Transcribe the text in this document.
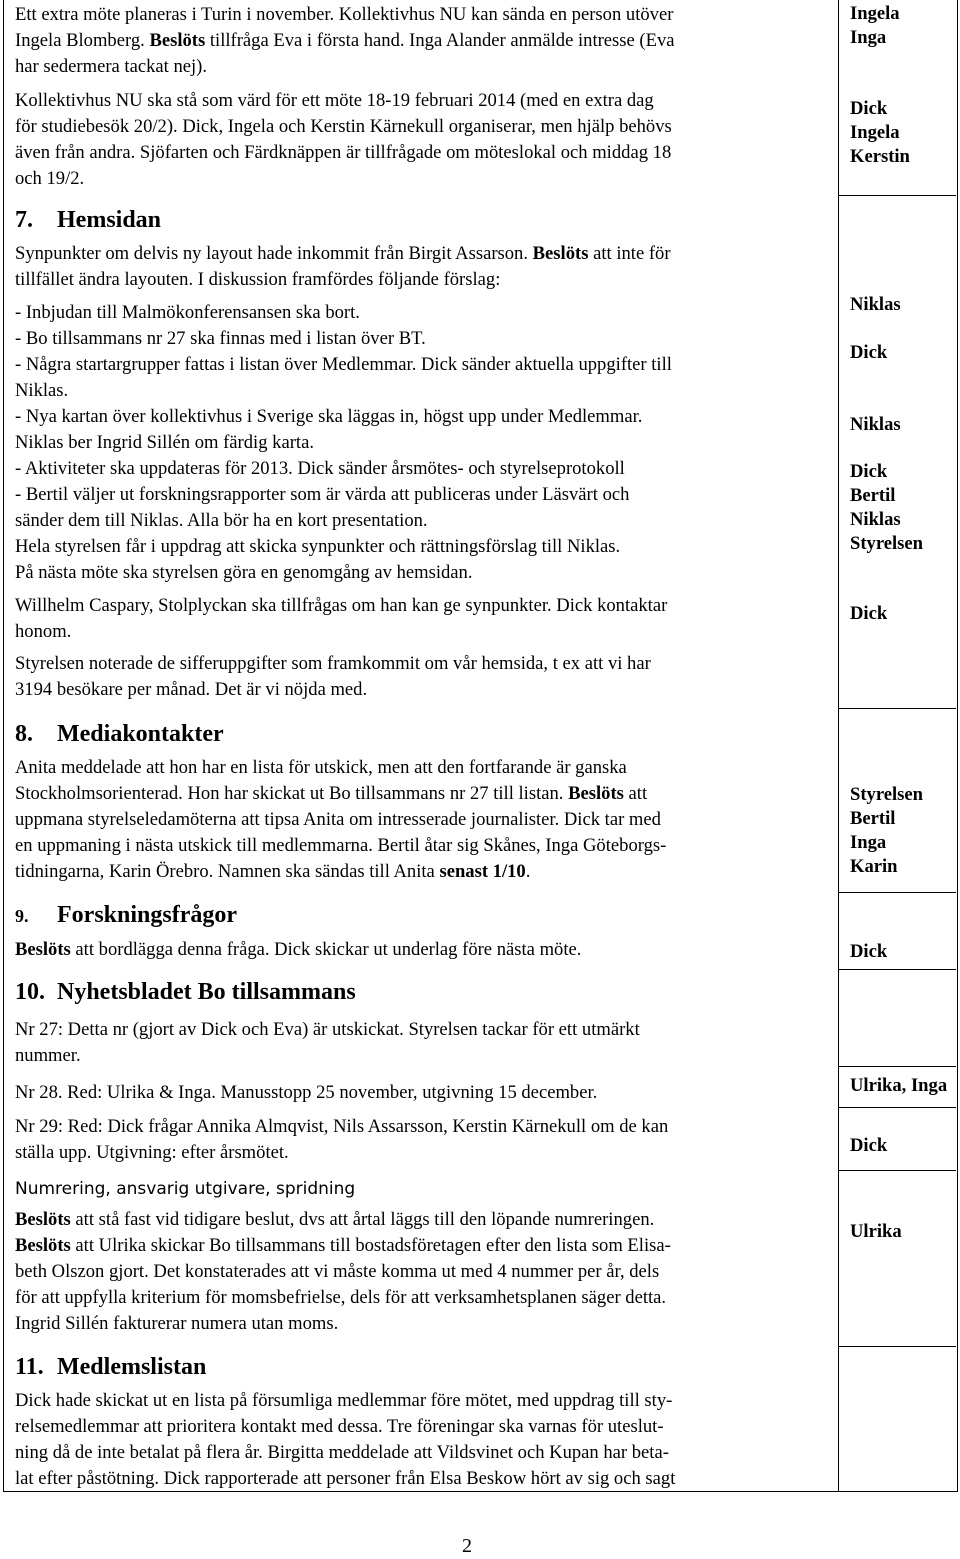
Ett extra möte planeras i Turin i november. Kollektivhus NU kan sända en person utöver
Ingela Blomberg. Beslöts tillfråga Eva i första hand. Inga Alander anmälde intresse (Eva
har sedermera tackat nej).
Kollektivhus NU ska stå som värd för ett möte 18-19 februari 2014 (med en extra dag
för studiebesök 20/2). Dick, Ingela och Kerstin Kärnekull organiserar, men hjälp behövs
även från andra. Sjöfarten och Färdknäppen är tillfrågade om möteslokal och middag 18
och 19/2.
Synpunkter om delvis ny layout hade inkommit från Birgit Assarson. Beslöts att inte för
tillfället ändra layouten. I diskussion framfördes följande förslag:
- Inbjudan till Malmökonferensansen ska bort.
- Bo tillsammans nr 27 ska finnas med i listan över BT.
- Några startargrupper fattas i listan över Medlemmar. Dick sänder aktuella uppgifter till
Niklas.
- Nya kartan över kollektivhus i Sverige ska läggas in, högst upp under Medlemmar.
Niklas ber Ingrid Sillén om färdig karta.
- Aktiviteter ska uppdateras för 2013. Dick sänder årsmötes- och styrelseprotokoll
- Bertil väljer ut forskningsrapporter som är värda att publiceras under Läsvärt och
sänder dem till Niklas. Alla bör ha en kort presentation.
Hela styrelsen får i uppdrag att skicka synpunkter och rättningsförslag till Niklas.
På nästa möte ska styrelsen göra en genomgång av hemsidan.
Willhelm Caspary, Stolplyckan ska tillfrågas om han kan ge synpunkter. Dick kontaktar
honom.
Styrelsen noterade de sifferuppgifter som framkommit om vår hemsida, t ex att vi har
3194 besökare per månad. Det är vi nöjda med.
Anita meddelade att hon har en lista för utskick, men att den fortfarande är ganska
Stockholmsorienterad. Hon har skickat ut Bo tillsammans nr 27 till listan. Beslöts att
uppmana styrelseledamöterna att tipsa Anita om intresserade journalister. Dick tar med
en uppmaning i nästa utskick till medlemmarna. Bertil åtar sig Skånes, Inga Göteborgs-
tidningarna, Karin Örebro. Namnen ska sändas till Anita senast 1/10.
Beslöts att bordlägga denna fråga. Dick skickar ut underlag före nästa möte.
Nr 27: Detta nr (gjort av Dick och Eva) är utskickat. Styrelsen tackar för ett utmärkt
nummer.
Nr 28. Red: Ulrika & Inga. Manusstopp 25 november, utgivning 15 december.
Nr 29: Red: Dick frågar Annika Almqvist, Nils Assarsson, Kerstin Kärnekull om de kan
ställa upp. Utgivning: efter årsmötet.
Beslöts att stå fast vid tidigare beslut, dvs att årtal läggs till den löpande numreringen.
Beslöts att Ulrika skickar Bo tillsammans till bostadsföretagen efter den lista som Elisa-
beth Olszon gjort. Det konstaterades att vi måste komma ut med 4 nummer per år, dels
för att uppfylla kriterium för momsbefrielse, dels för att verksamhetsplanen säger detta.
Ingrid Sillén fakturerar numera utan moms.
Dick hade skickat ut en lista på försumliga medlemmar före mötet, med uppdrag till sty-
relsemedlemmar att prioritera kontakt med dessa. Tre föreningar ska varnas för uteslut-
ning då de inte betalat på flera år. Birgitta meddelade att Vildsvinet och Kupan har beta-
lat efter påstötning. Dick rapporterade att personer från Elsa Beskow hört av sig och sagt
7. Hemsidan
8. Mediakontakter
9. Forskningsfrågor
10. Nyhetsbladet Bo tillsammans
11. Medlemslistan
Numrering, ansvarig utgivare, spridning
Ingela
Inga
Dick
Ingela
Kerstin
Niklas
Dick
Niklas
Dick
Bertil
Niklas
Styrelsen
Dick
Styrelsen
Bertil
Inga
Karin
Dick
Ulrika, Inga
Dick
Ulrika
2
